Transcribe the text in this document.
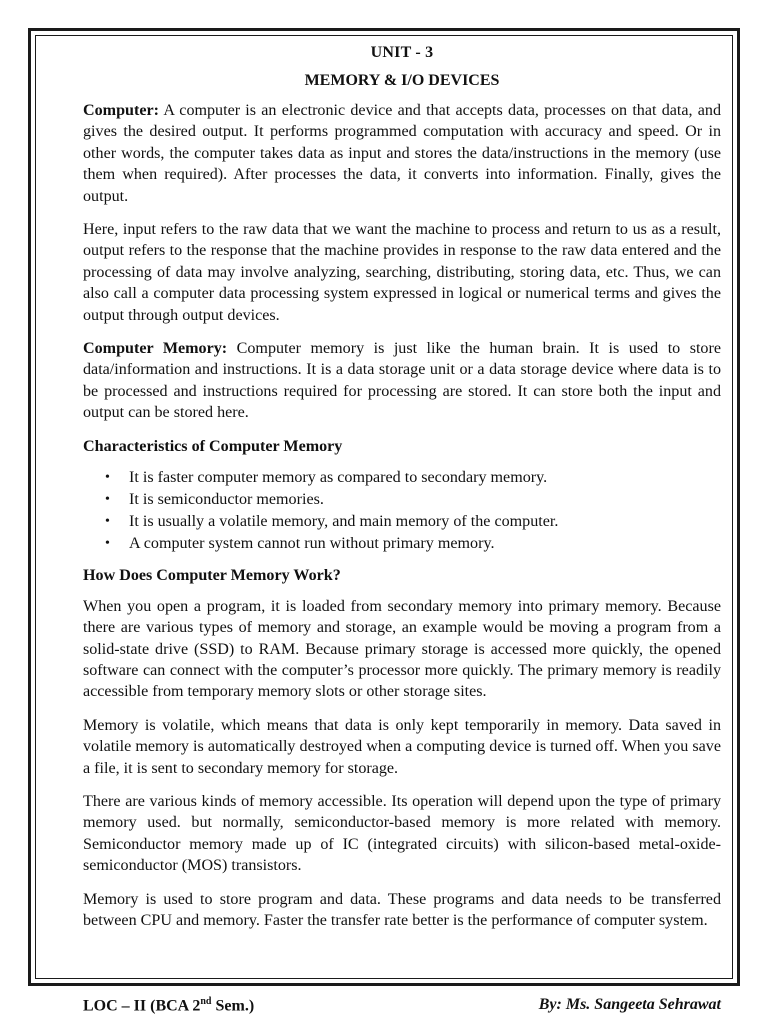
UNIT - 3
MEMORY & I/O DEVICES

Computer: A computer is an electronic device and that accepts data, processes on that data, and gives the desired output. It performs programmed computation with accuracy and speed. Or in other words, the computer takes data as input and stores the data/instructions in the memory (use them when required). After processes the data, it converts into information. Finally, gives the output.

Here, input refers to the raw data that we want the machine to process and return to us as a result, output refers to the response that the machine provides in response to the raw data entered and the processing of data may involve analyzing, searching, distributing, storing data, etc. Thus, we can also call a computer data processing system expressed in logical or numerical terms and gives the output through output devices.

Computer Memory: Computer memory is just like the human brain. It is used to store data/information and instructions. It is a data storage unit or a data storage device where data is to be processed and instructions required for processing are stored. It can store both the input and output can be stored here.

Characteristics of Computer Memory
• It is faster computer memory as compared to secondary memory.
• It is semiconductor memories.
• It is usually a volatile memory, and main memory of the computer.
• A computer system cannot run without primary memory.
How Does Computer Memory Work?

When you open a program, it is loaded from secondary memory into primary memory. Because there are various types of memory and storage, an example would be moving a program from a solid-state drive (SSD) to RAM. Because primary storage is accessed more quickly, the opened software can connect with the computer’s processor more quickly. The primary memory is readily accessible from temporary memory slots or other storage sites.

Memory is volatile, which means that data is only kept temporarily in memory. Data saved in volatile memory is automatically destroyed when a computing device is turned off. When you save a file, it is sent to secondary memory for storage.

There are various kinds of memory accessible. Its operation will depend upon the type of primary memory used. but normally, semiconductor-based memory is more related with memory. Semiconductor memory made up of IC (integrated circuits) with silicon-based metal-oxide-semiconductor (MOS) transistors.

Memory is used to store program and data. These programs and data needs to be transferred between CPU and memory. Faster the transfer rate better is the performance of computer system.

LOC – II (BCA 2nd Sem.)	By: Ms. Sangeeta Sehrawat
